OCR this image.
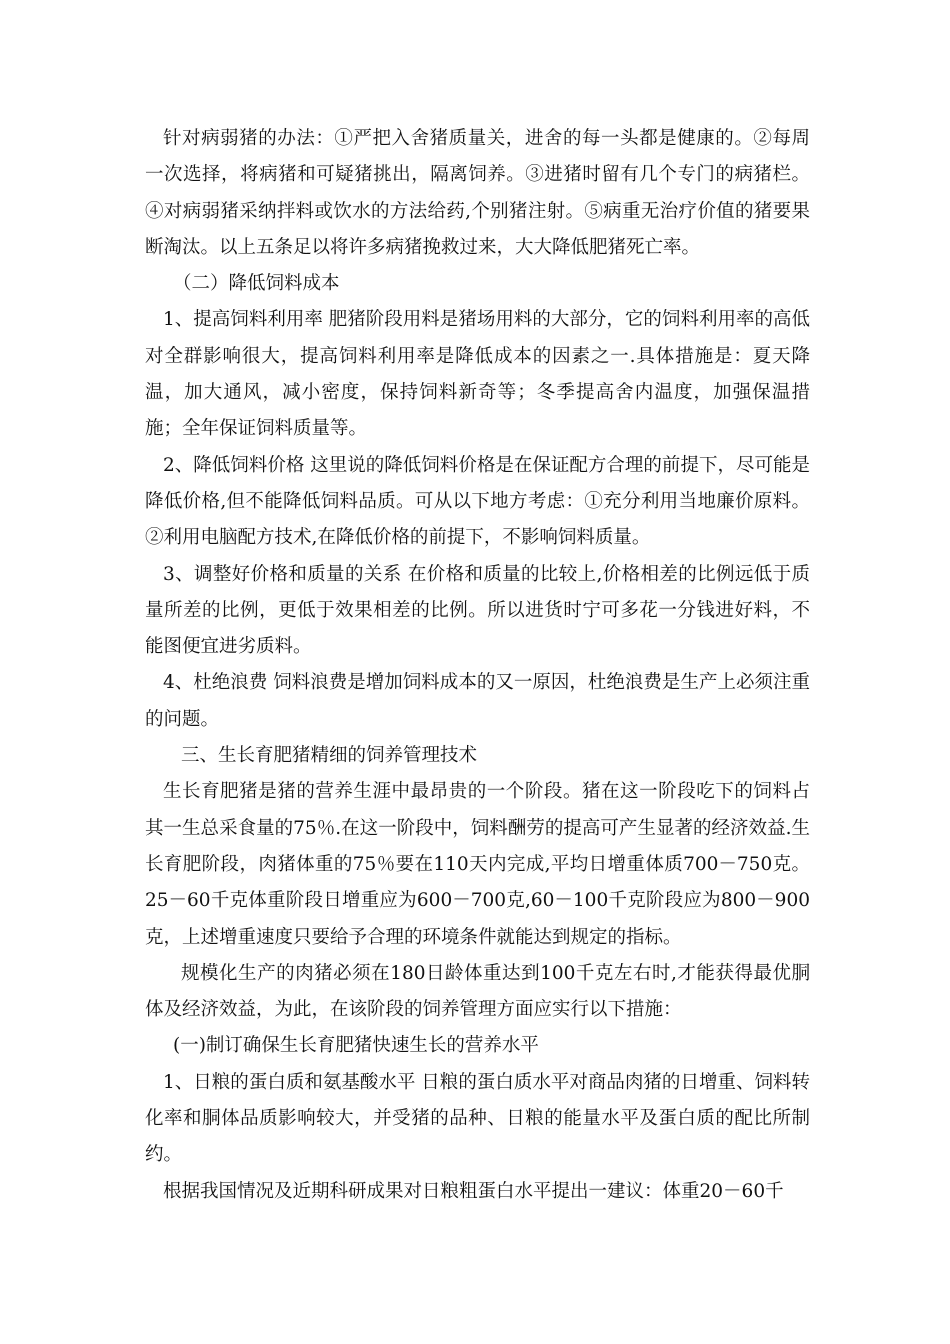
针对病弱猪的办法：①严把入舍猪质量关，进舍的每一头都是健康的。②每周一次选择，将病猪和可疑猪挑出，隔离饲养。③进猪时留有几个专门的病猪栏。④对病弱猪采纳拌料或饮水的方法给药,个别猪注射。⑤病重无治疗价值的猪要果断淘汰。以上五条足以将许多病猪挽救过来，大大降低肥猪死亡率。

（二）降低饲料成本

1、提高饲料利用率 肥猪阶段用料是猪场用料的大部分，它的饲料利用率的高低对全群影响很大，提高饲料利用率是降低成本的因素之一.具体措施是：夏天降温，加大通风，减小密度，保持饲料新奇等；冬季提高舍内温度，加强保温措施；全年保证饲料质量等。

2、降低饲料价格 这里说的降低饲料价格是在保证配方合理的前提下，尽可能是降低价格,但不能降低饲料品质。可从以下地方考虑：①充分利用当地廉价原料。②利用电脑配方技术,在降低价格的前提下，不影响饲料质量。

3、调整好价格和质量的关系 在价格和质量的比较上,价格相差的比例远低于质量所差的比例，更低于效果相差的比例。所以进货时宁可多花一分钱进好料，不能图便宜进劣质料。

4、杜绝浪费 饲料浪费是增加饲料成本的又一原因，杜绝浪费是生产上必须注重的问题。

三、生长育肥猪精细的饲养管理技术

生长育肥猪是猪的营养生涯中最昂贵的一个阶段。猪在这一阶段吃下的饲料占其一生总采食量的75％.在这一阶段中，饲料酬劳的提高可产生显著的经济效益.生长育肥阶段，肉猪体重的75％要在110天内完成,平均日增重体质700－750克。25－60千克体重阶段日增重应为600－700克,60－100千克阶段应为800－900克，上述增重速度只要给予合理的环境条件就能达到规定的指标。

规模化生产的肉猪必须在180日龄体重达到100千克左右时,才能获得最优胴体及经济效益，为此，在该阶段的饲养管理方面应实行以下措施：

(一)制订确保生长育肥猪快速生长的营养水平

1、日粮的蛋白质和氨基酸水平 日粮的蛋白质水平对商品肉猪的日增重、饲料转化率和胴体品质影响较大，并受猪的品种、日粮的能量水平及蛋白质的配比所制约。

根据我国情况及近期科研成果对日粮粗蛋白水平提出一建议：体重20－60千
